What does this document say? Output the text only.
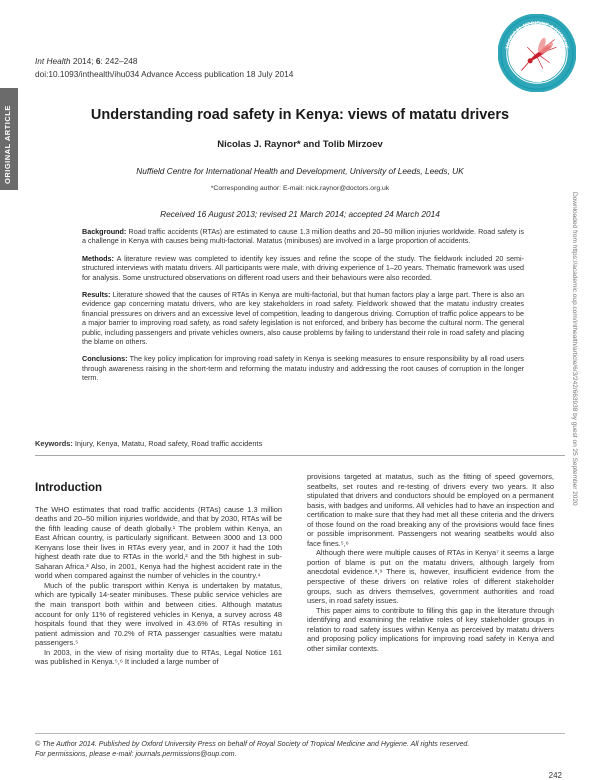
ORIGINAL ARTICLE
Downloaded from https://academic.oup.com/inthealth/article/6/3/242/663938 by guest on 25 September 2020
Int Health 2014; 6: 242–248
doi:10.1093/inthealth/ihu034 Advance Access publication 18 July 2014
TROPICAL MEDICINE & HYGIENE
FOUNDED 1907
Understanding road safety in Kenya: views of matatu drivers
Nicolas J. Raynor* and Tolib Mirzoev
Nuffield Centre for International Health and Development, University of Leeds, Leeds, UK
*Corresponding author: E-mail: nick.raynor@doctors.org.uk
Received 16 August 2013; revised 21 March 2014; accepted 24 March 2014

Background: Road traffic accidents (RTAs) are estimated to cause 1.3 million deaths and 20–50 million injuries worldwide. Road safety is a challenge in Kenya with causes being multi-factorial. Matatus (minibuses) are involved in a large proportion of accidents.

Methods: A literature review was completed to identify key issues and refine the scope of the study. The fieldwork included 20 semi-structured interviews with matatu drivers. All participants were male, with driving experience of 1–20 years. Thematic framework was used for analysis. Some unstructured observations on different road users and their behaviours were also recorded.

Results: Literature showed that the causes of RTAs in Kenya are multi-factorial, but that human factors play a large part. There is also an evidence gap concerning matatu drivers, who are key stakeholders in road safety. Fieldwork showed that the matatu industry creates financial pressures on drivers and an excessive level of competition, leading to dangerous driving. Corruption of traffic police appears to be a major barrier to improving road safety, as road safety legislation is not enforced, and bribery has become the cultural norm. The general public, including passengers and private vehicles owners, also cause problems by failing to understand their role in road safety and placing the blame on others.

Conclusions: The key policy implication for improving road safety in Kenya is seeking measures to ensure responsibility by all road users through awareness raising in the short-term and reforming the matatu industry and addressing the root causes of corruption in the longer term.

Keywords: Injury, Kenya, Matatu, Road safety, Road traffic accidents
Introduction

The WHO estimates that road traffic accidents (RTAs) cause 1.3 million deaths and 20–50 million injuries worldwide, and that by 2030, RTAs will be the fifth leading cause of death globally.¹ The problem within Kenya, an East African country, is particularly significant. Between 3000 and 13 000 Kenyans lose their lives in RTAs every year, and in 2007 it had the 10th highest death rate due to RTAs in the world,² and the 5th highest in sub-Saharan Africa.³ Also, in 2001, Kenya had the highest accident rate in the world when compared against the number of vehicles in the country.⁴

Much of the public transport within Kenya is undertaken by matatus, which are typically 14-seater minibuses. These public service vehicles are the main transport both within and between cities. Although matatus account for only 11% of registered vehicles in Kenya, a survey across 48 hospitals found that they were involved in 43.6% of RTAs resulting in patient admission and 70.2% of RTA passenger casualties were matatu passengers.⁵

In 2003, in the view of rising mortality due to RTAs, Legal Notice 161 was published in Kenya.⁵,⁶ It included a large number of

provisions targeted at matatus, such as the fitting of speed governors, seatbelts, set routes and re-testing of drivers every two years. It also stipulated that drivers and conductors should be employed on a permanent basis, with badges and uniforms. All vehicles had to have an inspection and certification to make sure that they had met all these criteria and the drivers of those found on the road breaking any of the provisions would face fines or possible imprisonment. Passengers not wearing seatbelts would also face fines.⁵,⁶

Although there were multiple causes of RTAs in Kenya⁷ it seems a large portion of blame is put on the matatu drivers, although largely from anecdotal evidence.⁸,⁹ There is, however, insufficient evidence from the perspective of these drivers on relative roles of different stakeholder groups, such as drivers themselves, government authorities and road users, in road safety issues.

This paper aims to contribute to filling this gap in the literature through identifying and examining the relative roles of key stakeholder groups in relation to road safety issues within Kenya as perceived by matatu drivers and proposing policy implications for improving road safety in Kenya and other similar contexts.

© The Author 2014. Published by Oxford University Press on behalf of Royal Society of Tropical Medicine and Hygiene. All rights reserved.
For permissions, please e-mail: journals.permissions@oup.com.
242
